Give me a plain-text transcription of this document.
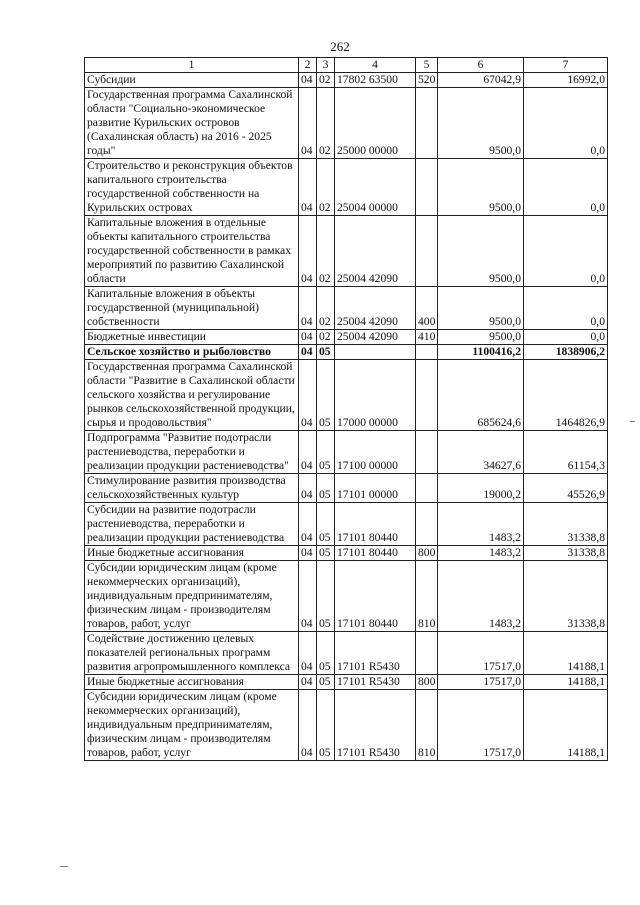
262
1	2	3	4	5	6	7
Субсидии	04	02	17802 63500	520	67042,9	16992,0
Государственная программа Сахалинской области "Социально-экономическое развитие Курильских островов (Сахалинская область) на 2016 - 2025 годы"	04	02	25000 00000		9500,0	0,0
Строительство и реконструкция объектов капитального строительства государственной собственности на Курильских островах	04	02	25004 00000		9500,0	0,0
Капитальные вложения в отдельные объекты капитального строительства государственной собственности в рамках мероприятий по развитию Сахалинской области	04	02	25004 42090		9500,0	0,0
Капитальные вложения в объекты государственной (муниципальной) собственности	04	02	25004 42090	400	9500,0	0,0
Бюджетные инвестиции	04	02	25004 42090	410	9500,0	0,0
Сельское хозяйство и рыболовство	04	05			1100416,2	1838906,2
Государственная программа Сахалинской области "Развитие в Сахалинской области сельского хозяйства и регулирование рынков сельскохозяйственной продукции, сырья и продовольствия"	04	05	17000 00000		685624,6	1464826,9
Подпрограмма "Развитие подотрасли растениеводства, переработки и реализации продукции растениеводства"	04	05	17100 00000		34627,6	61154,3
Стимулирование развития производства сельскохозяйственных культур	04	05	17101 00000		19000,2	45526,9
Субсидии на развитие подотрасли растениеводства, переработки и реализации продукции растениеводства	04	05	17101 80440		1483,2	31338,8
Иные бюджетные ассигнования	04	05	17101 80440	800	1483,2	31338,8
Субсидии юридическим лицам (кроме некоммерческих организаций), индивидуальным предпринимателям, физическим лицам - производителям товаров, работ, услуг	04	05	17101 80440	810	1483,2	31338,8
Содействие достижению целевых показателей региональных программ развития агропромышленного комплекса	04	05	17101 R5430		17517,0	14188,1
Иные бюджетные ассигнования	04	05	17101 R5430	800	17517,0	14188,1
Субсидии юридическим лицам (кроме некоммерческих организаций), индивидуальным предпринимателям, физическим лицам - производителям товаров, работ, услуг	04	05	17101 R5430	810	17517,0	14188,1
